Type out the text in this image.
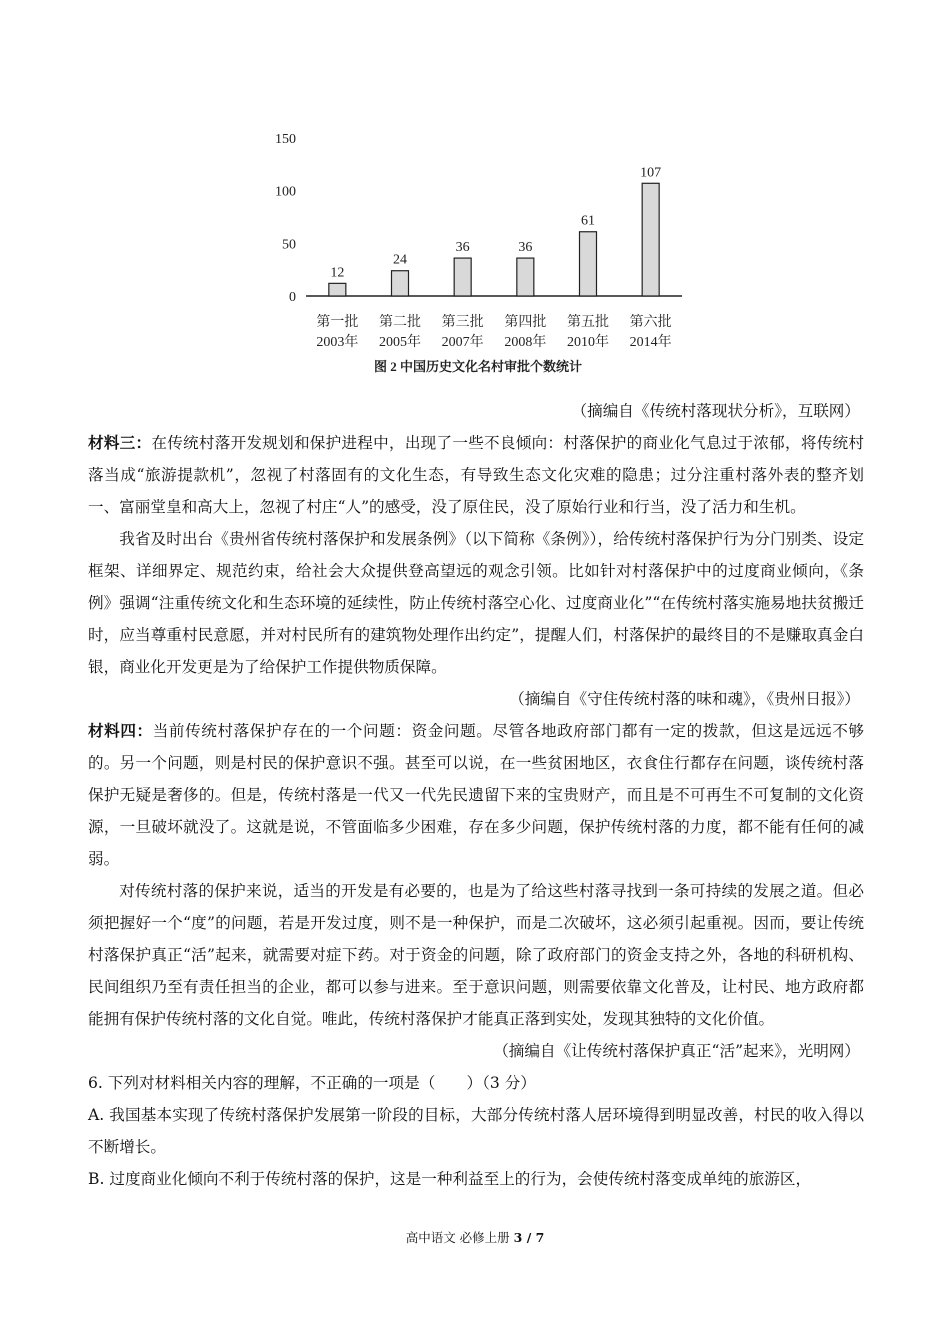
0
50
100
150
12
24
36	36
61
107
第一批
2003年
第二批
2005年
第三批
2007年
第四批
2008年
第五批
2010年
第六批
2014年
图 2 中国历史文化名村审批个数统计

（摘编自《传统村落现状分析》，互联网）

材料三：在传统村落开发规划和保护进程中，出现了一些不良倾向：村落保护的商业化气息过于浓郁，将传统村落当成“旅游提款机”，忽视了村落固有的文化生态，有导致生态文化灾难的隐患；过分注重村落外表的整齐划一、富丽堂皇和高大上，忽视了村庄“人”的感受，没了原住民，没了原始行业和行当，没了活力和生机。

我省及时出台《贵州省传统村落保护和发展条例》（以下简称《条例》），给传统村落保护行为分门别类、设定框架、详细界定、规范约束，给社会大众提供登高望远的观念引领。比如针对村落保护中的过度商业倾向，《条例》强调“注重传统文化和生态环境的延续性，防止传统村落空心化、过度商业化”“在传统村落实施易地扶贫搬迁时，应当尊重村民意愿，并对村民所有的建筑物处理作出约定”，提醒人们，村落保护的最终目的不是赚取真金白银，商业化开发更是为了给保护工作提供物质保障。

（摘编自《守住传统村落的味和魂》，《贵州日报》）

材料四：当前传统村落保护存在的一个问题：资金问题。尽管各地政府部门都有一定的拨款，但这是远远不够的。另一个问题，则是村民的保护意识不强。甚至可以说，在一些贫困地区，衣食住行都存在问题，谈传统村落保护无疑是奢侈的。但是，传统村落是一代又一代先民遗留下来的宝贵财产，而且是不可再生不可复制的文化资源，一旦破坏就没了。这就是说，不管面临多少困难，存在多少问题，保护传统村落的力度，都不能有任何的减弱。

对传统村落的保护来说，适当的开发是有必要的，也是为了给这些村落寻找到一条可持续的发展之道。但必须把握好一个“度”的问题，若是开发过度，则不是一种保护，而是二次破坏，这必须引起重视。因而，要让传统村落保护真正“活”起来，就需要对症下药。对于资金的问题，除了政府部门的资金支持之外，各地的科研机构、民间组织乃至有责任担当的企业，都可以参与进来。至于意识问题，则需要依靠文化普及，让村民、地方政府都能拥有保护传统村落的文化自觉。唯此，传统村落保护才能真正落到实处，发现其独特的文化价值。

（摘编自《让传统村落保护真正“活”起来》，光明网）

6. 下列对材料相关内容的理解，不正确的一项是（　　）（3 分）

A. 我国基本实现了传统村落保护发展第一阶段的目标，大部分传统村落人居环境得到明显改善，村民的收入得以不断增长。

B. 过度商业化倾向不利于传统村落的保护，这是一种利益至上的行为，会使传统村落变成单纯的旅游区，

高中语文 必修上册 3 / 7
